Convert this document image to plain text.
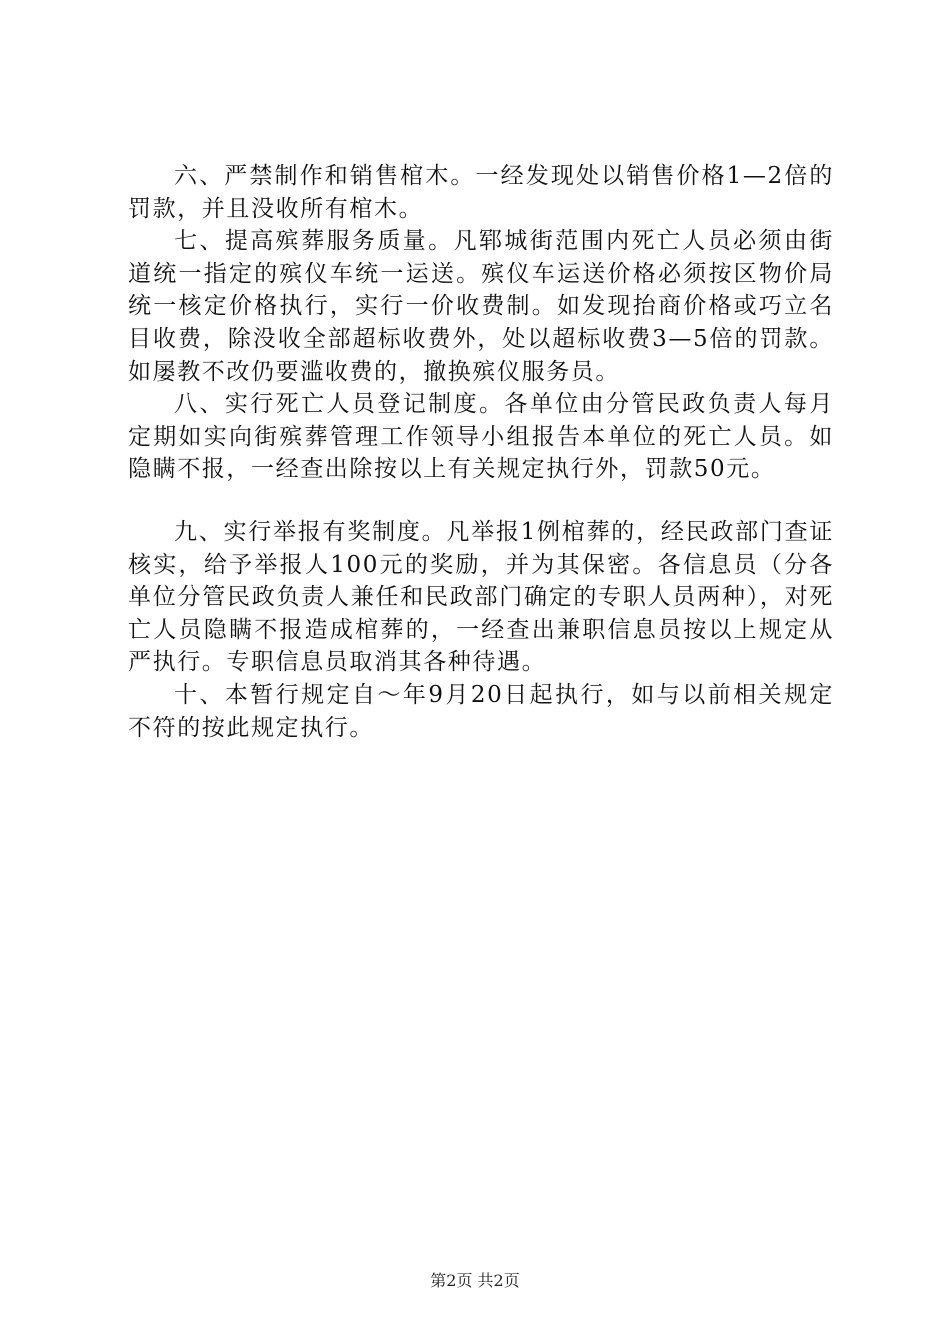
六、严禁制作和销售棺木。一经发现处以销售价格1—2倍的罚款，并且没收所有棺木。

七、提高殡葬服务质量。凡郓城街范围内死亡人员必须由街道统一指定的殡仪车统一运送。殡仪车运送价格必须按区物价局统一核定价格执行，实行一价收费制。如发现抬商价格或巧立名目收费，除没收全部超标收费外，处以超标收费3—5倍的罚款。如屡教不改仍要滥收费的，撤换殡仪服务员。

八、实行死亡人员登记制度。各单位由分管民政负责人每月定期如实向街殡葬管理工作领导小组报告本单位的死亡人员。如隐瞒不报，一经查出除按以上有关规定执行外，罚款50元。

九、实行举报有奖制度。凡举报1例棺葬的，经民政部门查证核实，给予举报人100元的奖励，并为其保密。各信息员（分各单位分管民政负责人兼任和民政部门确定的专职人员两种），对死亡人员隐瞒不报造成棺葬的，一经查出兼职信息员按以上规定从严执行。专职信息员取消其各种待遇。

十、本暂行规定自～年9月20日起执行，如与以前相关规定不符的按此规定执行。

第2页 共2页
